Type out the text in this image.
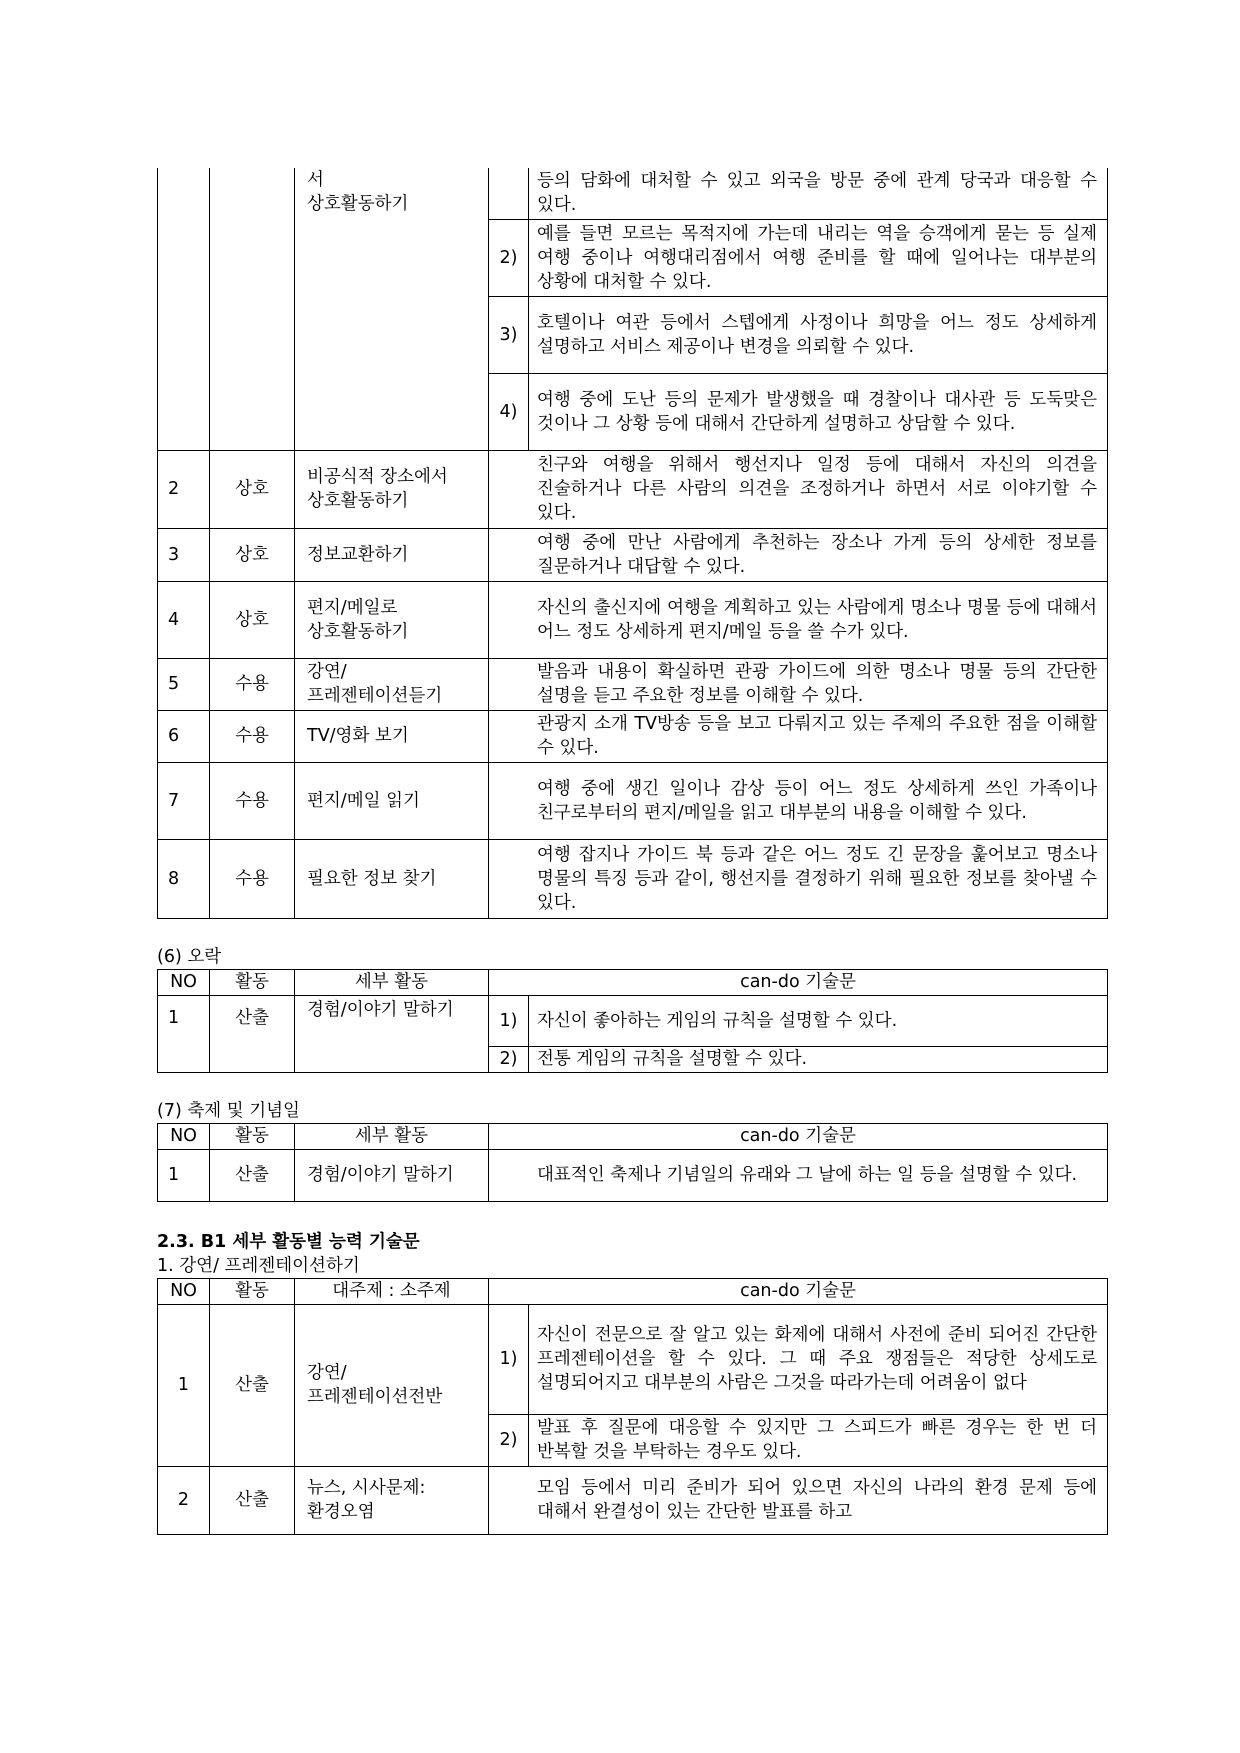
		서
상호활동하기		등의 담화에 대처할 수 있고 외국을 방문 중에 관계 당국과 대응할 수 있다.
			2)	예를 들면 모르는 목적지에 가는데 내리는 역을 승객에게 묻는 등 실제 여행 중이나 여행대리점에서 여행 준비를 할 때에 일어나는 대부분의 상황에 대처할 수 있다.
			3)	호텔이나 여관 등에서 스텝에게 사정이나 희망을 어느 정도 상세하게 설명하고 서비스 제공이나 변경을 의뢰할 수 있다.
			4)	여행 중에 도난 등의 문제가 발생했을 때 경찰이나 대사관 등 도둑맞은 것이나 그 상황 등에 대해서 간단하게 설명하고 상담할 수 있다.
2	상호	비공식적 장소에서 상호활동하기	친구와 여행을 위해서 행선지나 일정 등에 대해서 자신의 의견을 진술하거나 다른 사람의 의견을 조정하거나 하면서 서로 이야기할 수 있다.	
3	상호	정보교환하기	여행 중에 만난 사람에게 추천하는 장소나 가게 등의 상세한 정보를 질문하거나 대답할 수 있다.	
4	상호	편지/메일로 상호활동하기	자신의 출신지에 여행을 계획하고 있는 사람에게 명소나 명물 등에 대해서 어느 정도 상세하게 편지/메일 등을 쓸 수가 있다.	
5	수용	강연/프레젠테이션듣기	발음과 내용이 확실하면 관광 가이드에 의한 명소나 명물 등의 간단한 설명을 듣고 주요한 정보를 이해할 수 있다.	
6	수용	TV/영화 보기	관광지 소개 TV방송 등을 보고 다뤄지고 있는 주제의 주요한 점을 이해할 수 있다.	
7	수용	편지/메일 읽기	여행 중에 생긴 일이나 감상 등이 어느 정도 상세하게 쓰인 가족이나 친구로부터의 편지/메일을 읽고 대부분의 내용을 이해할 수 있다.	
8	수용	필요한 정보 찾기	여행 잡지나 가이드 북 등과 같은 어느 정도 긴 문장을 훑어보고 명소나 명물의 특징 등과 같이, 행선지를 결정하기 위해 필요한 정보를 찾아낼 수 있다.	

(6) 오락

NO	활동	세부 활동	can-do 기술문	
1	산출	경험/이야기 말하기	1)	자신이 좋아하는 게임의 규칙을 설명할 수 있다.
			2)	전통 게임의 규칙을 설명할 수 있다.

(7) 축제 및 기념일

NO	활동	세부 활동	can-do 기술문
1	산출	경험/이야기 말하기	대표적인 축제나 기념일의 유래와 그 날에 하는 일 등을 설명할 수 있다.

2.3. B1 세부 활동별 능력 기술문

1. 강연/ 프레젠테이션하기

NO	활동	대주제 : 소주제	can-do 기술문	
1	산출	강연/프레젠테이션전반	1)	자신이 전문으로 잘 알고 있는 화제에 대해서 사전에 준비 되어진 간단한 프레젠테이션을 할 수 있다. 그 때 주요 쟁점들은 적당한 상세도로 설명되어지고 대부분의 사람은 그것을 따라가는데 어려움이 없다
			2)	발표 후 질문에 대응할 수 있지만 그 스피드가 빠른 경우는 한 번 더 반복할 것을 부탁하는 경우도 있다.
2	산출	뉴스, 시사문제: 환경오염	모임 등에서 미리 준비가 되어 있으면 자신의 나라의 환경 문제 등에 대해서 완결성이 있는 간단한 발표를 하고	
